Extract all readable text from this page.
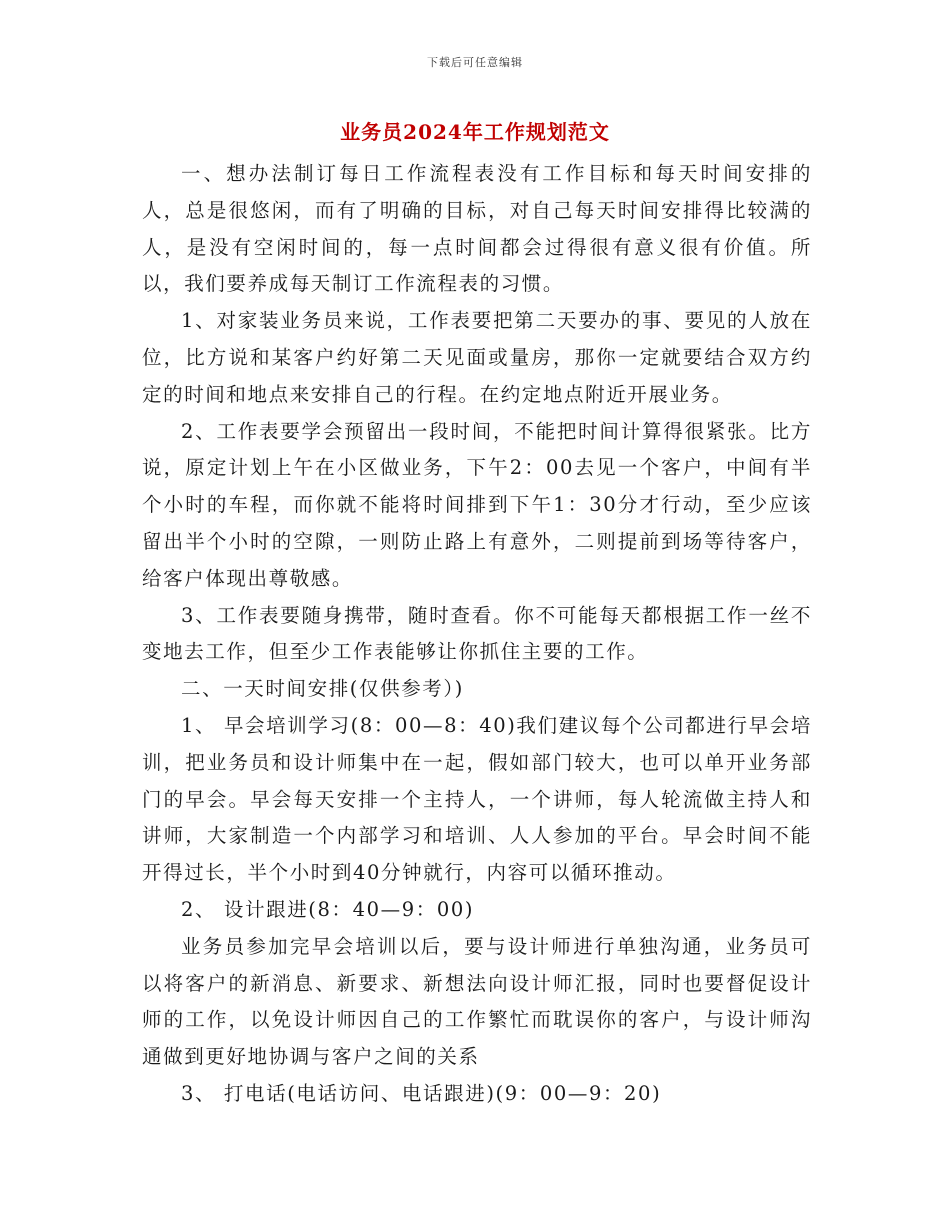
下载后可任意编辑
业务员2024年工作规划范文

一、想办法制订每日工作流程表没有工作目标和每天时间安排的人，总是很悠闲，而有了明确的目标，对自己每天时间安排得比较满的人，是没有空闲时间的，每一点时间都会过得很有意义很有价值。所以，我们要养成每天制订工作流程表的习惯。

1、对家装业务员来说，工作表要把第二天要办的事、要见的人放在位，比方说和某客户约好第二天见面或量房，那你一定就要结合双方约定的时间和地点来安排自己的行程。在约定地点附近开展业务。

2、工作表要学会预留出一段时间，不能把时间计算得很紧张。比方说，原定计划上午在小区做业务，下午2：00去见一个客户，中间有半个小时的车程，而你就不能将时间排到下午1：30分才行动，至少应该留出半个小时的空隙，一则防止路上有意外，二则提前到场等待客户，给客户体现出尊敬感。

3、工作表要随身携带，随时查看。你不可能每天都根据工作一丝不变地去工作，但至少工作表能够让你抓住主要的工作。

二、一天时间安排(仅供参考）)

1、 早会培训学习(8：00—8：40)我们建议每个公司都进行早会培训，把业务员和设计师集中在一起，假如部门较大，也可以单开业务部门的早会。早会每天安排一个主持人，一个讲师，每人轮流做主持人和讲师，大家制造一个内部学习和培训、人人参加的平台。早会时间不能开得过长，半个小时到40分钟就行，内容可以循环推动。

2、 设计跟进(8：40—9：00)

业务员参加完早会培训以后，要与设计师进行单独沟通，业务员可以将客户的新消息、新要求、新想法向设计师汇报，同时也要督促设计师的工作，以免设计师因自己的工作繁忙而耽误你的客户，与设计师沟通做到更好地协调与客户之间的关系

3、 打电话(电话访问、电话跟进)(9：00—9：20)
